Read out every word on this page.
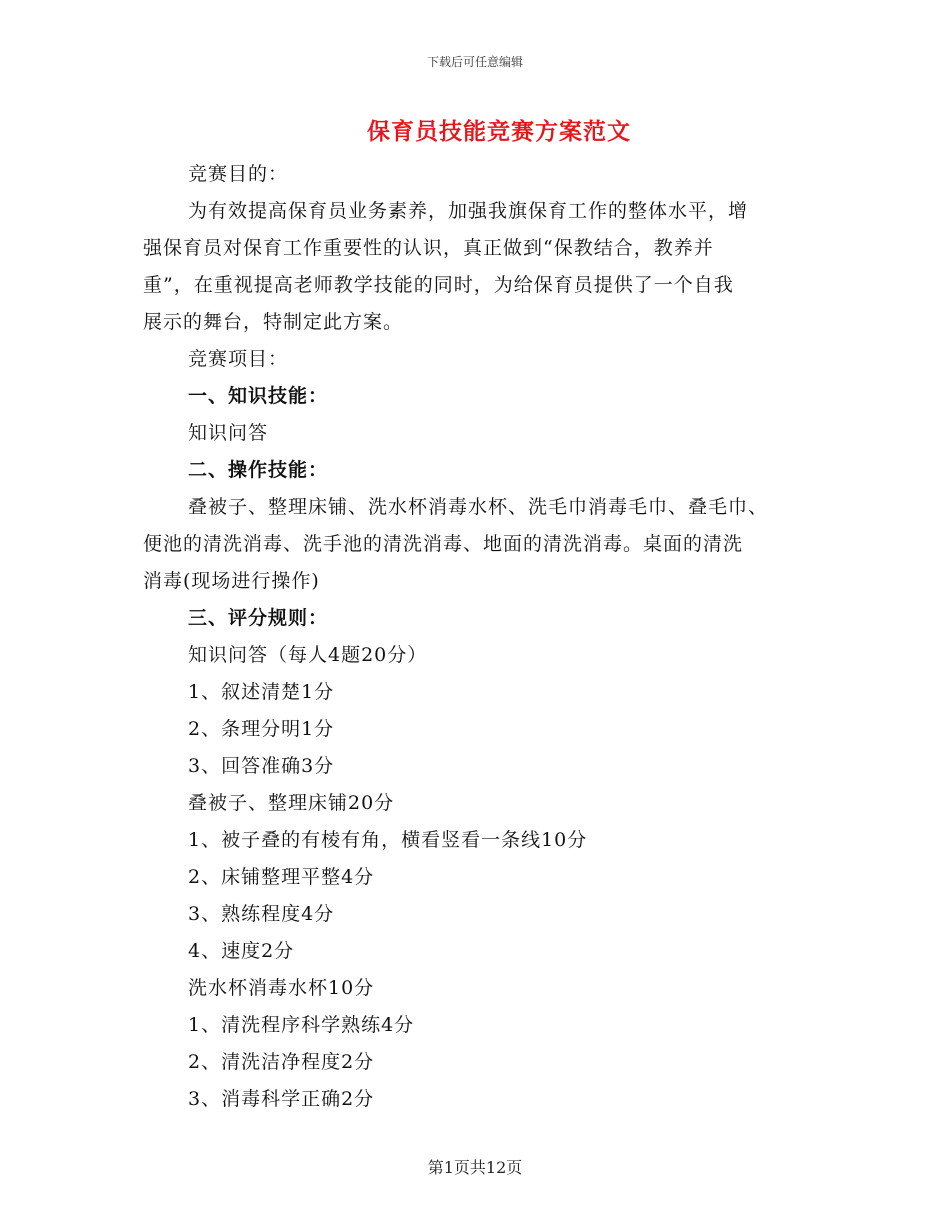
下载后可任意编辑
保育员技能竞赛方案范文
竞赛目的：
为有效提高保育员业务素养，加强我旗保育工作的整体水平，增
强保育员对保育工作重要性的认识，真正做到“保教结合，教养并
重”，在重视提高老师教学技能的同时，为给保育员提供了一个自我
展示的舞台，特制定此方案。
竞赛项目：
一、知识技能：
知识问答
二、操作技能：
叠被子、整理床铺、洗水杯消毒水杯、洗毛巾消毒毛巾、叠毛巾、
便池的清洗消毒、洗手池的清洗消毒、地面的清洗消毒。桌面的清洗
消毒(现场进行操作)
三、评分规则：
知识问答（每人4题20分）
1、叙述清楚1分
2、条理分明1分
3、回答准确3分
叠被子、整理床铺20分
1、被子叠的有棱有角，横看竖看一条线10分
2、床铺整理平整4分
3、熟练程度4分
4、速度2分
洗水杯消毒水杯10分
1、清洗程序科学熟练4分
2、清洗洁净程度2分
3、消毒科学正确2分
第1页共12页
